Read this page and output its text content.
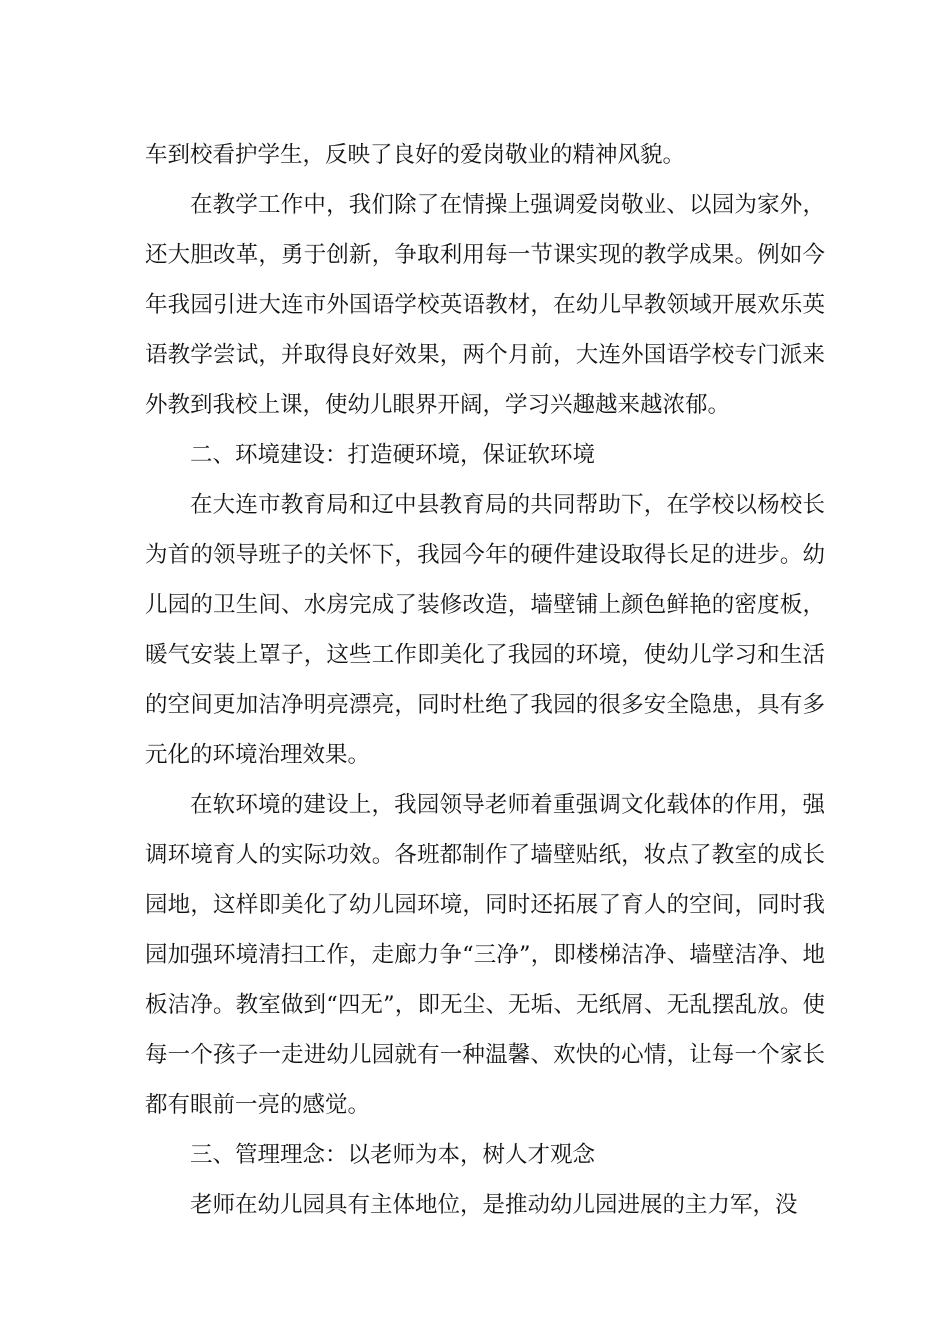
车到校看护学生，反映了良好的爱岗敬业的精神风貌。

在教学工作中，我们除了在情操上强调爱岗敬业、以园为家外，还大胆改革，勇于创新，争取利用每一节课实现的教学成果。例如今年我园引进大连市外国语学校英语教材，在幼儿早教领域开展欢乐英语教学尝试，并取得良好效果，两个月前，大连外国语学校专门派来外教到我校上课，使幼儿眼界开阔，学习兴趣越来越浓郁。

二、环境建设：打造硬环境，保证软环境

在大连市教育局和辽中县教育局的共同帮助下，在学校以杨校长为首的领导班子的关怀下，我园今年的硬件建设取得长足的进步。幼儿园的卫生间、水房完成了装修改造，墙壁铺上颜色鲜艳的密度板，暖气安装上罩子，这些工作即美化了我园的环境，使幼儿学习和生活的空间更加洁净明亮漂亮，同时杜绝了我园的很多安全隐患，具有多元化的环境治理效果。

在软环境的建设上，我园领导老师着重强调文化载体的作用，强调环境育人的实际功效。各班都制作了墙壁贴纸，妆点了教室的成长园地，这样即美化了幼儿园环境，同时还拓展了育人的空间，同时我园加强环境清扫工作，走廊力争“三净”，即楼梯洁净、墙壁洁净、地板洁净。教室做到“四无”，即无尘、无垢、无纸屑、无乱摆乱放。使每一个孩子一走进幼儿园就有一种温馨、欢快的心情，让每一个家长都有眼前一亮的感觉。

三、管理理念：以老师为本，树人才观念

老师在幼儿园具有主体地位，是推动幼儿园进展的主力军，没
